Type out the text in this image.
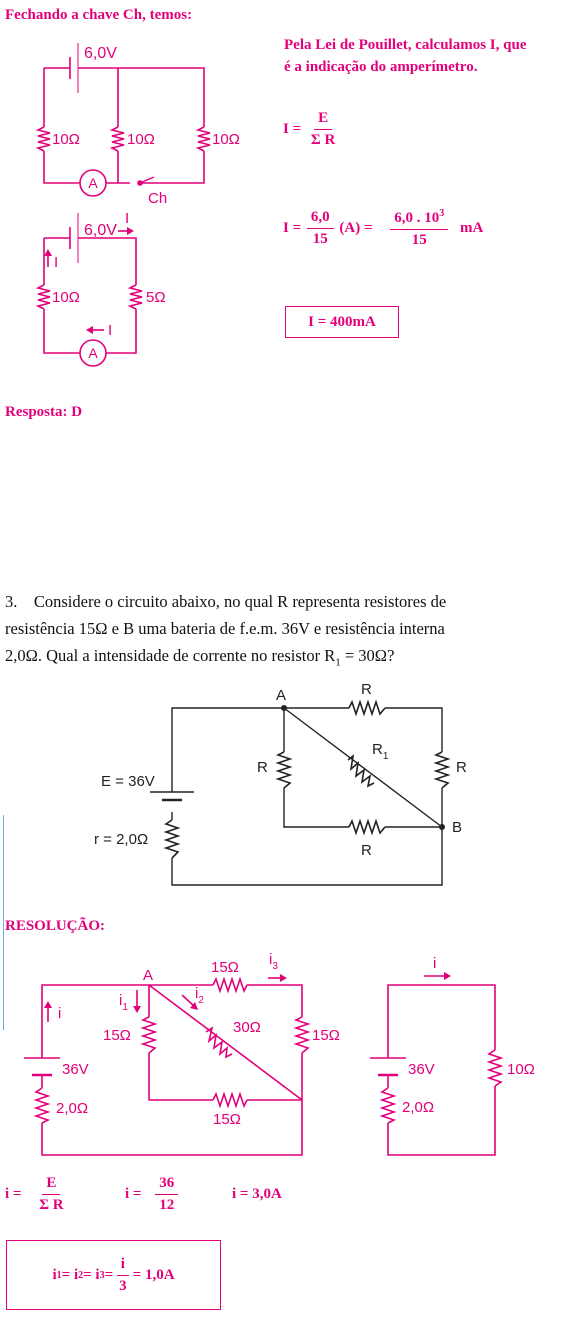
Fechando a chave Ch, temos:
6,0V
10Ω	10Ω	10Ω
A
Ch
Pela Lei de Pouillet, calculamos I, que
é a indicação do amperímetro.
$I = \frac{E}{\text{Σ R}}$
6,0V
I
I
I
10Ω	5Ω
A
$I = \frac{6,0}{15} (A) = \frac{6,0 . 10^3}{15}$ mA
I = 400mA
Resposta: D
3. Considere o circuito abaixo, no qual R representa resistores de
resistência 15Ω e B uma bateria de f.e.m. 36V e resistência interna
2,0Ω. Qual a intensidade de corrente no resistor $R_1 = 30\Omega$?
A
B
R
R	R
R
$R_1$
E = 36V
r = 2,0Ω
RESOLUÇÃO:
A	15Ω $i_3$
$i_1$
$i_2$
i
15Ω	30Ω	15Ω
15Ω
36V
2,0Ω
i
36V
2,0Ω
10Ω
$i = \frac{E}{\text{Σ R}}$	$i = \frac{36}{12}$	i = 3,0A
i 1 = i 2 = i $3 = \frac{i}{3} = 1,0A$
